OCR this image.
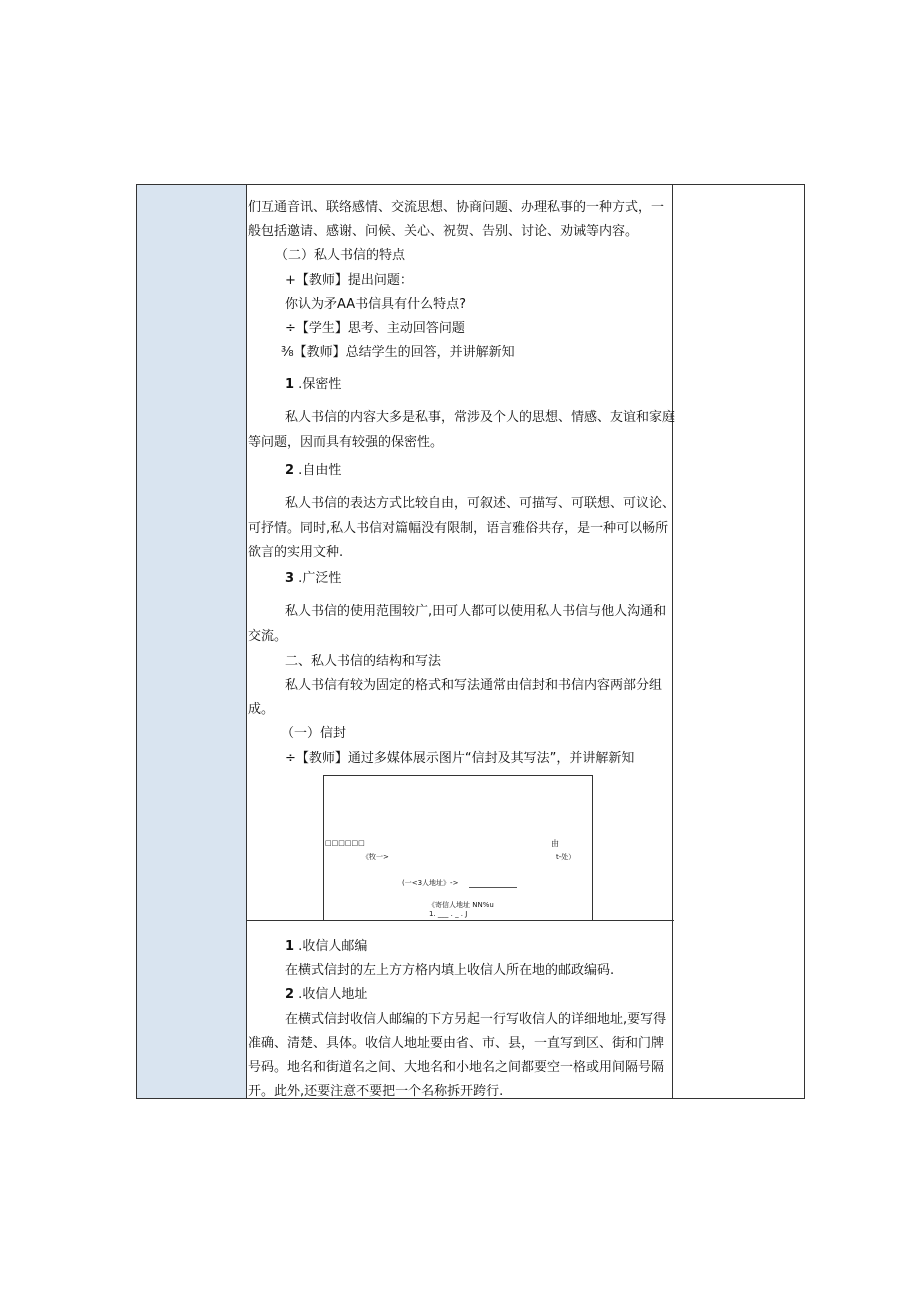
们互通音讯、联络感情、交流思想、协商问题、办理私事的一种方式，一
般包括邀请、感谢、问候、关心、祝贺、告别、讨论、劝诫等内容。
（二）私人书信的特点
+【教师】提出问题：
你认为矛AA书信具有什么特点?
÷【学生】思考、主动回答问题
⅜【教师】总结学生的回答，并讲解新知
1 .保密性
私人书信的内容大多是私事，常涉及个人的思想、情感、友谊和家庭
等问题，因而具有较强的保密性。
2 .自由性
私人书信的表达方式比较自由，可叙述、可描写、可联想、可议论、
可抒情。同时,私人书信对篇幅没有限制，语言雅俗共存，是一种可以畅所
欲言的实用文种.
3 .广泛性
私人书信的使用范围较广,田可人都可以使用私人书信与他人沟通和
交流。
二、私人书信的结构和写法
私人书信有较为固定的格式和写法通常由信封和书信内容两部分组
成。
（一）信封
÷【教师】通过多媒体展示图片“信封及其写法”，并讲解新知
1 .收信人邮编
在横式信封的左上方方格内填上收信人所在地的邮政编码.
2 .收信人地址
在横式信封收信人邮编的下方另起一行写收信人的详细地址,要写得
准确、清楚、具体。收信人地址要由省、市、县，一直写到区、街和门牌
号码。地名和街道名之间、大地名和小地名之间都要空一格或用间隔号隔
开。此外,还要注意不要把一个名称拆开跨行.
□□□□□□	由
《牧一>	t-处）
(一<3人地址》->
《寄信人地址 NN%u
1. ___ . _ . J
